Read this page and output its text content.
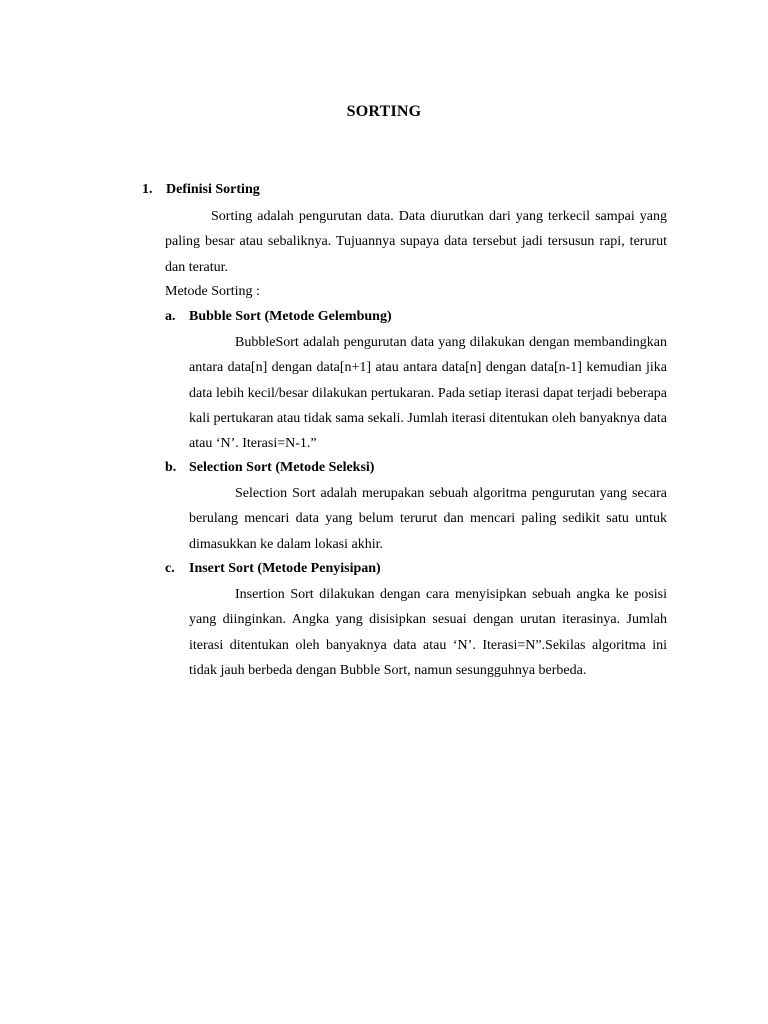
SORTING
1. Definisi Sorting

Sorting adalah pengurutan data. Data diurutkan dari yang terkecil sampai yang paling besar atau sebaliknya. Tujuannya supaya data tersebut jadi tersusun rapi, terurut dan teratur.

Metode Sorting :
a. Bubble Sort (Metode Gelembung)

BubbleSort adalah pengurutan data yang dilakukan dengan membandingkan antara data[n] dengan data[n+1] atau antara data[n] dengan data[n-1] kemudian jika data lebih kecil/besar dilakukan pertukaran. Pada setiap iterasi dapat terjadi beberapa kali pertukaran atau tidak sama sekali. Jumlah iterasi ditentukan oleh banyaknya data atau ‘N’. Iterasi=N-1.”

b. Selection Sort (Metode Seleksi)

Selection Sort adalah merupakan sebuah algoritma pengurutan yang secara berulang mencari data yang belum terurut dan mencari paling sedikit satu untuk dimasukkan ke dalam lokasi akhir.

c. Insert Sort (Metode Penyisipan)

Insertion Sort dilakukan dengan cara menyisipkan sebuah angka ke posisi yang diinginkan. Angka yang disisipkan sesuai dengan urutan iterasinya. Jumlah iterasi ditentukan oleh banyaknya data atau ‘N’. Iterasi=N”.Sekilas algoritma ini tidak jauh berbeda dengan Bubble Sort, namun sesungguhnya berbeda.
